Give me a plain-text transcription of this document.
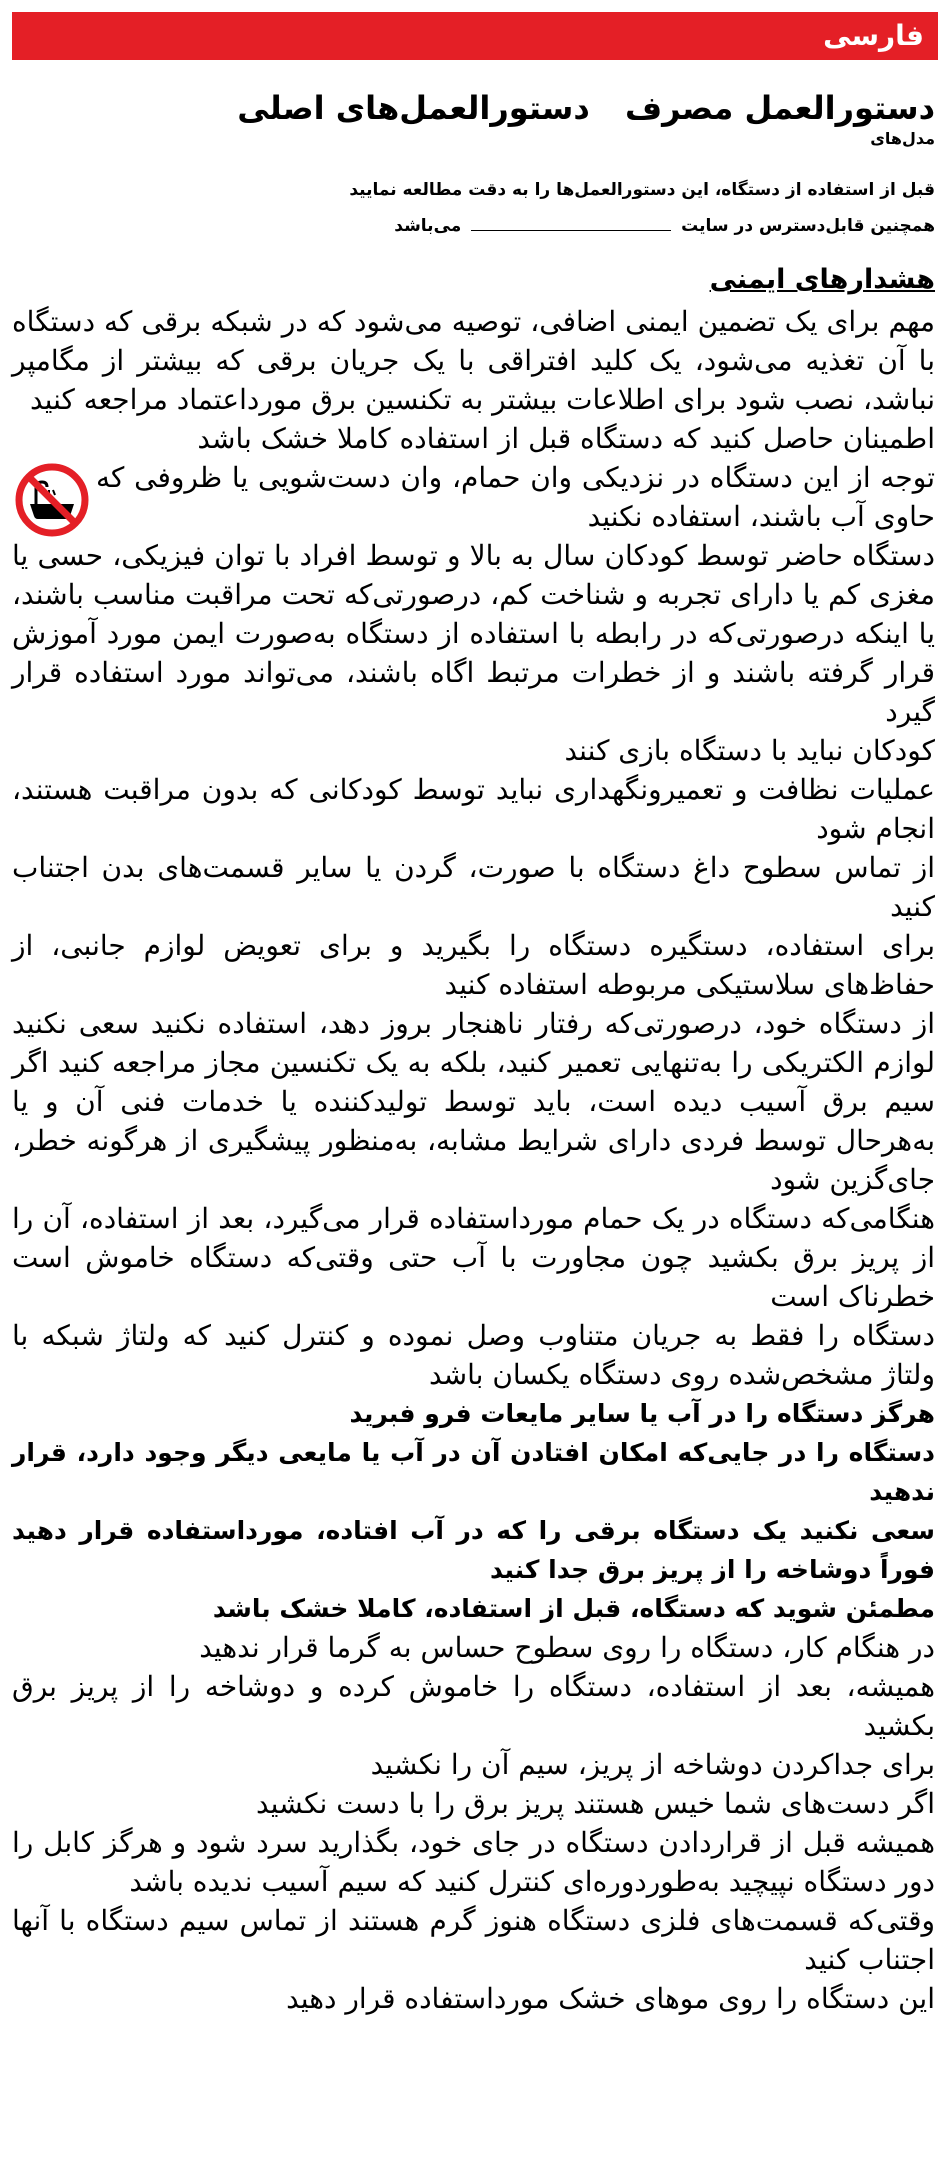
فارسی
دستورالعمل مصرف دستورالعمل‌های اصلی
مدل‌های
قبل از استفاده از دستگاه، این دستورالعمل‌ها را به دقت مطالعه نمایید
همچنین قابل‌دسترس در سایت  می‌باشد
هشدارهای ایمنی

مهم برای یک تضمین ایمنی اضافی، توصیه می‌شود که در شبکه برقی که دستگاه با آن تغذیه می‌شود، یک کلید افتراقی با یک جریان برقی که بیشتر از مگامپر نباشد، نصب شود برای اطلاعات بیشتر به تکنسین برق مورداعتماد مراجعه کنید

اطمینان حاصل کنید که دستگاه قبل از استفاده کاملا خشک باشد

توجه از این دستگاه در نزدیکی وان حمام، وان دست‌شویی یا ظروفی که حاوی آب باشند، استفاده نکنید

دستگاه حاضر توسط کودکان سال به بالا و توسط افراد با توان فیزیکی، حسی یا مغزی کم یا دارای تجربه و شناخت کم، درصورتی‌که تحت مراقبت مناسب باشند، یا اینکه درصورتی‌که در رابطه با استفاده از دستگاه به‌صورت ایمن مورد آموزش قرار گرفته باشند و از خطرات مرتبط اگاه باشند، می‌تواند مورد استفاده قرار گیرد

کودکان نباید با دستگاه بازی کنند

عملیات نظافت و تعمیرونگهداری نباید توسط کودکانی که بدون مراقبت هستند، انجام شود

از تماس سطوح داغ دستگاه با صورت، گردن یا سایر قسمت‌های بدن اجتناب کنید

برای استفاده، دستگیره دستگاه را بگیرید و برای تعویض لوازم جانبی، از حفاظ‌های سلاستیکی مربوطه استفاده کنید

از دستگاه خود، درصورتی‌که رفتار ناهنجار بروز دهد، استفاده نکنید سعی نکنید لوازم الکتریکی را به‌تنهایی تعمیر کنید، بلکه به یک تکنسین مجاز مراجعه کنید اگر سیم برق آسیب دیده است، باید توسط تولیدکننده یا خدمات فنی آن و یا به‌هرحال توسط فردی دارای شرایط مشابه، به‌منظور پیشگیری از هرگونه خطر، جای‌گزین شود

هنگامی‌که دستگاه در یک حمام مورداستفاده قرار می‌گیرد، بعد از استفاده، آن را از پریز برق بکشید چون مجاورت با آب حتی وقتی‌که دستگاه خاموش است خطرناک است

دستگاه را فقط به جریان متناوب وصل نموده و کنترل کنید که ولتاژ شبکه با ولتاژ مشخص‌شده روی دستگاه یکسان باشد

هرگز دستگاه را در آب یا سایر مایعات فرو فبرید

دستگاه را در جایی‌که امکان افتادن آن در آب یا مایعی دیگر وجود دارد، قرار ندهید

سعی نکنید یک دستگاه برقی را که در آب افتاده، مورداستفاده قرار دهید فوراً دوشاخه را از پریز برق جدا کنید

مطمئن شوید که دستگاه، قبل از استفاده، کاملا خشک باشد

در هنگام کار، دستگاه را روی سطوح حساس به گرما قرار ندهید

همیشه، بعد از استفاده، دستگاه را خاموش کرده و دوشاخه را از پریز برق بکشید

برای جداکردن دوشاخه از پریز، سیم آن را نکشید

اگر دست‌های شما خیس هستند پریز برق را با دست نکشید

همیشه قبل از قراردادن دستگاه در جای خود، بگذارید سرد شود و هرگز کابل را دور دستگاه نپیچید به‌طوردوره‌ای کنترل کنید که سیم آسیب ندیده باشد

وقتی‌که قسمت‌های فلزی دستگاه هنوز گرم هستند از تماس سیم دستگاه با آنها اجتناب کنید

این دستگاه را روی موهای خشک مورداستفاده قرار دهید
